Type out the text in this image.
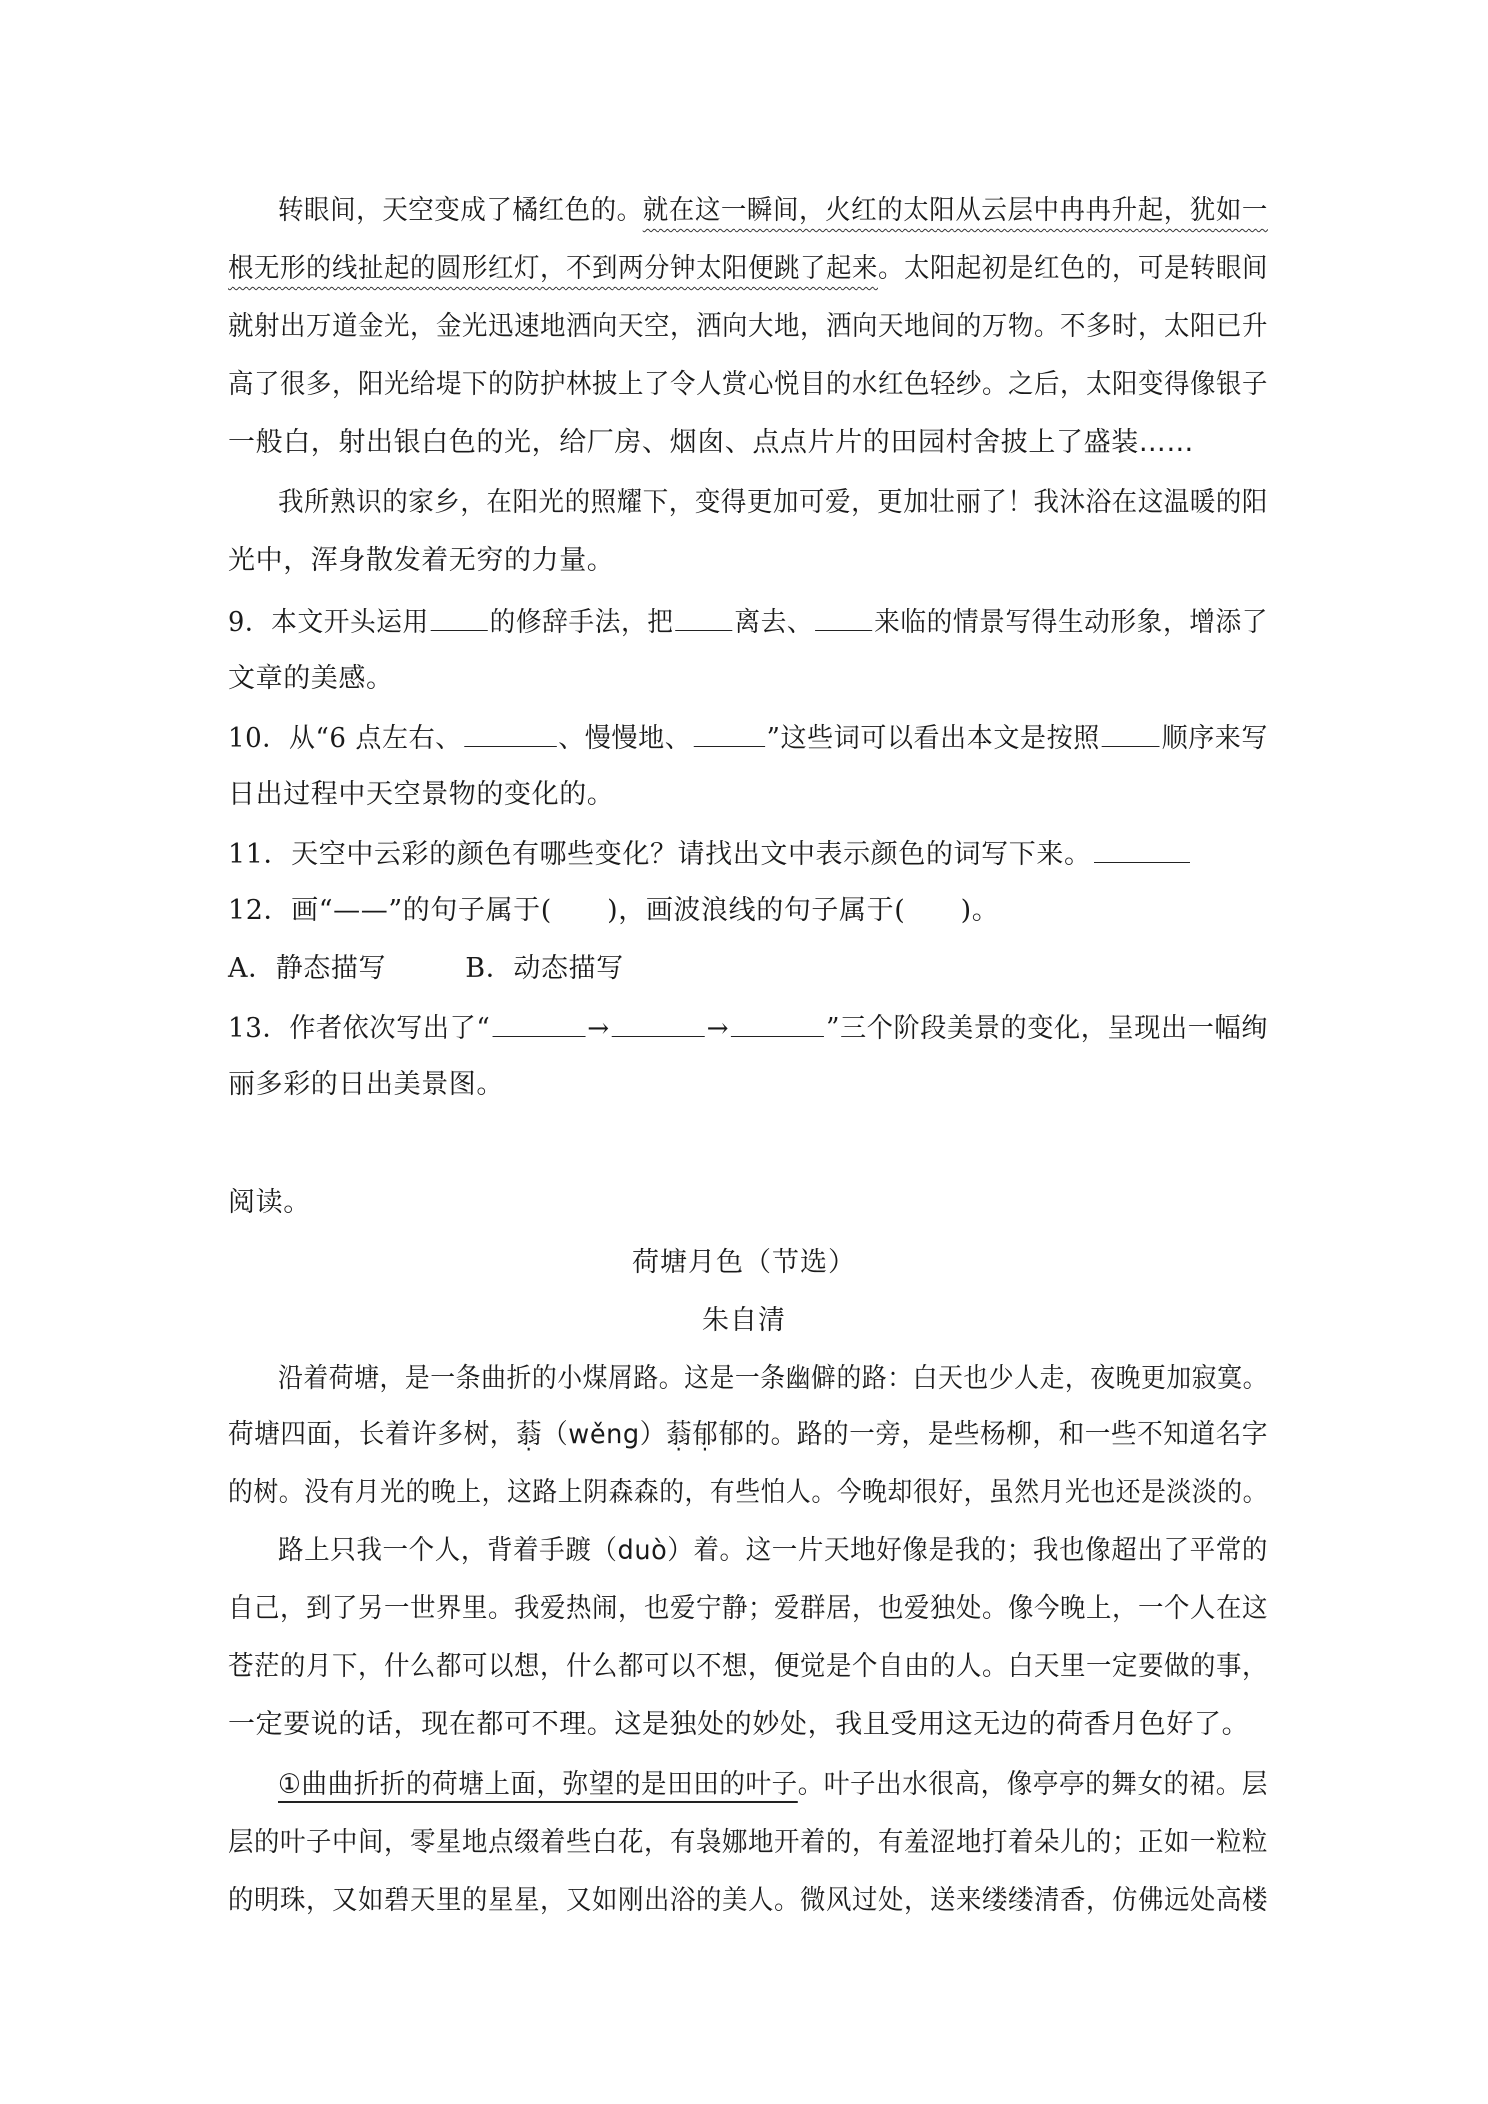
转眼间，天空变成了橘红色的。就在这一瞬间，火红的太阳从云层中冉冉升起，犹如一
根无形的线扯起的圆形红灯，不到两分钟太阳便跳了起来。太阳起初是红色的，可是转眼间
就射出万道金光，金光迅速地洒向天空，洒向大地，洒向天地间的万物。不多时，太阳已升
高了很多，阳光给堤下的防护林披上了令人赏心悦目的水红色轻纱。之后，太阳变得像银子
一般白，射出银白色的光，给厂房、烟囱、点点片片的田园村舍披上了盛装……
我所熟识的家乡，在阳光的照耀下，变得更加可爱，更加壮丽了！我沐浴在这温暖的阳
光中，浑身散发着无穷的力量。
9．本文开头运用 的修辞手法，把 离去、 来临的情景写得生动形象，增添了
文章的美感。
10．从“6 点左右、	、慢慢地、	”这些词可以看出本文是按照 顺序来写
日出过程中天空景物的变化的。
11．天空中云彩的颜色有哪些变化？请找出文中表示颜色的词写下来。
12．画“——”的句子属于(　　)，画波浪线的句子属于(　　)。
A．静态描写	B．动态描写
13．作者依次写出了“	→	→	”三个阶段美景的变化，呈现出一幅绚
丽多彩的日出美景图。
阅读。
荷塘月色（节选）
朱自清
沿着荷塘，是一条曲折的小煤屑路。这是一条幽僻的路：白天也少人走，夜晚更加寂寞。
荷塘四面，长着许多树，蓊（wěng）蓊郁郁的。路的一旁，是些杨柳，和一些不知道名字
的树。没有月光的晚上，这路上阴森森的，有些怕人。今晚却很好，虽然月光也还是淡淡的。
路上只我一个人，背着手踱（duò）着。这一片天地好像是我的；我也像超出了平常的
自己，到了另一世界里。我爱热闹，也爱宁静；爱群居，也爱独处。像今晚上，一个人在这
苍茫的月下，什么都可以想，什么都可以不想，便觉是个自由的人。白天里一定要做的事，
一定要说的话，现在都可不理。这是独处的妙处，我且受用这无边的荷香月色好了。
①曲曲折折的荷塘上面，弥望的是田田的叶子。叶子出水很高，像亭亭的舞女的裙。层
层的叶子中间，零星地点缀着些白花，有袅娜地开着的，有羞涩地打着朵儿的；正如一粒粒
的明珠，又如碧天里的星星，又如刚出浴的美人。微风过处，送来缕缕清香，仿佛远处高楼
